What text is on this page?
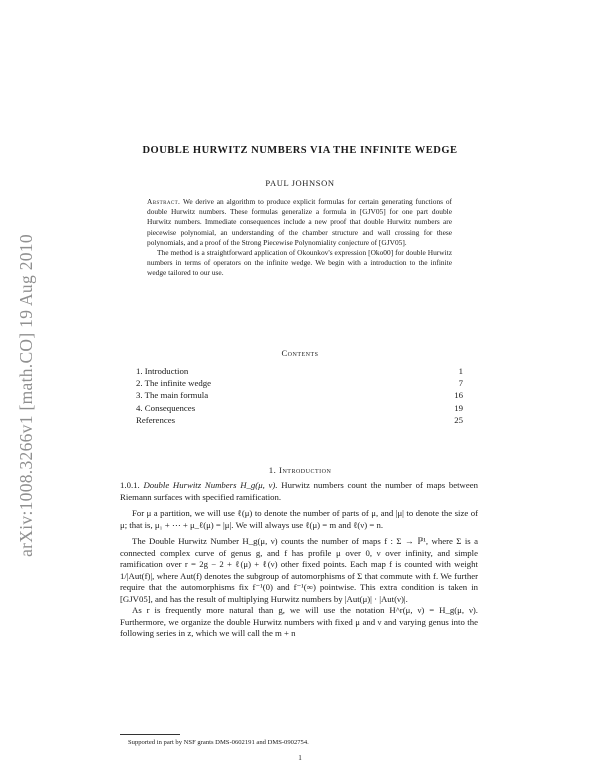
arXiv:1008.3266v1 [math.CO] 19 Aug 2010
DOUBLE HURWITZ NUMBERS VIA THE INFINITE WEDGE
PAUL JOHNSON

Abstract. We derive an algorithm to produce explicit formulas for certain generating functions of double Hurwitz numbers. These formulas generalize a formula in [GJV05] for one part double Hurwitz numbers. Immediate consequences include a new proof that double Hurwitz numbers are piecewise polynomial, an understanding of the chamber structure and wall crossing for these polynomials, and a proof of the Strong Piecewise Polynomiality conjecture of [GJV05].

The method is a straightforward application of Okounkov's expression [Oko00] for double Hurwitz numbers in terms of operators on the infinite wedge. We begin with a introduction to the infinite wedge tailored to our use.

Contents
1. Introduction	1
2. The infinite wedge	7
3. The main formula	16
4. Consequences	19
References	25
1. Introduction

1.0.1. Double Hurwitz Numbers H_g(μ, ν). Hurwitz numbers count the number of maps between Riemann surfaces with specified ramification.

For μ a partition, we will use ℓ(μ) to denote the number of parts of μ, and |μ| to denote the size of μ; that is, μ₁ + ⋯ + μ_ℓ(μ) = |μ|. We will always use ℓ(μ) = m and ℓ(ν) = n.

The Double Hurwitz Number H_g(μ, ν) counts the number of maps f : Σ → ℙ¹, where Σ is a connected complex curve of genus g, and f has profile μ over 0, ν over infinity, and simple ramification over r = 2g − 2 + ℓ(μ) + ℓ(ν) other fixed points. Each map f is counted with weight 1/|Aut(f)|, where Aut(f) denotes the subgroup of automorphisms of Σ that commute with f. We further require that the automorphisms fix f⁻¹(0) and f⁻¹(∞) pointwise. This extra condition is taken in [GJV05], and has the result of multiplying Hurwitz numbers by |Aut(μ)| · |Aut(ν)|.

As r is frequently more natural than g, we will use the notation H^r(μ, ν) = H_g(μ, ν). Furthermore, we organize the double Hurwitz numbers with fixed μ and ν and varying genus into the following series in z, which we will call the m + n

Supported in part by NSF grants DMS-0602191 and DMS-0902754.
1
